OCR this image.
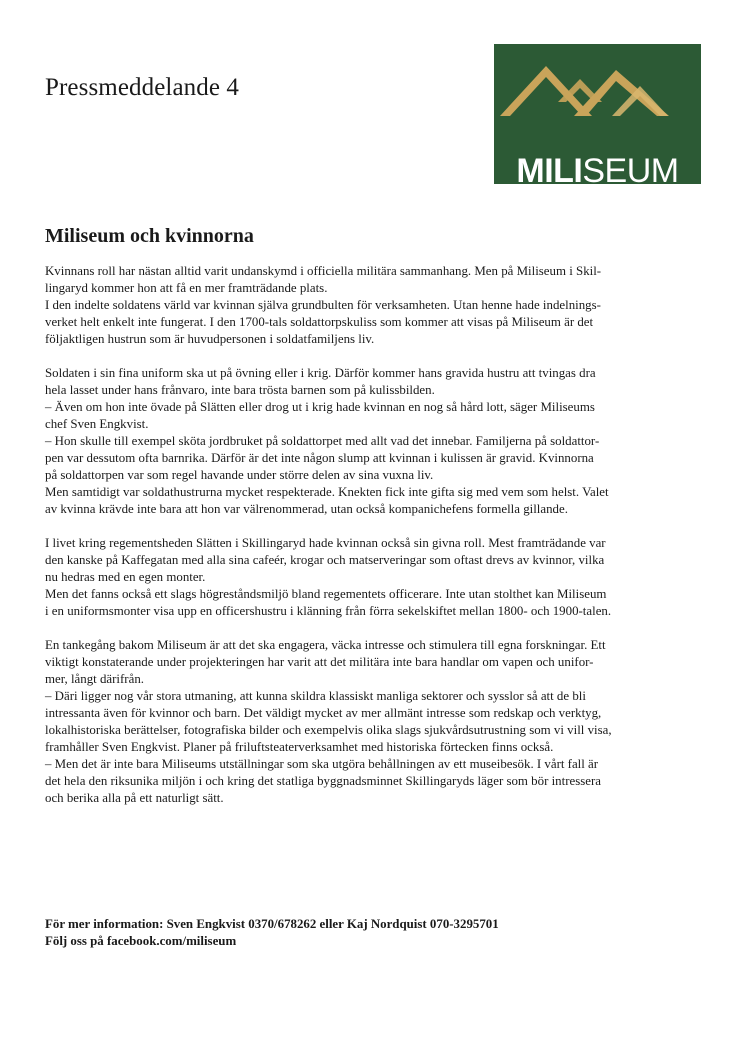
Pressmeddelande 4
MILISEUM
SKILLINGARYD
Miliseum och kvinnorna

Kvinnans roll har nästan alltid varit undanskymd i officiella militära sammanhang. Men på Miliseum i Skil-
lingaryd kommer hon att få en mer framträdande plats.
I den indelte soldatens värld var kvinnan själva grundbulten för verksamheten. Utan henne hade indelnings-
verket helt enkelt inte fungerat. I den 1700-tals soldattorpskuliss som kommer att visas på Miliseum är det
följaktligen hustrun som är huvudpersonen i soldatfamiljens liv.

Soldaten i sin fina uniform ska ut på övning eller i krig. Därför kommer hans gravida hustru att tvingas dra
hela lasset under hans frånvaro, inte bara trösta barnen som på kulissbilden.
– Även om hon inte övade på Slätten eller drog ut i krig hade kvinnan en nog så hård lott, säger Miliseums
chef Sven Engkvist.
– Hon skulle till exempel sköta jordbruket på soldattorpet med allt vad det innebar. Familjerna på soldattor-
pen var dessutom ofta barnrika. Därför är det inte någon slump att kvinnan i kulissen är gravid. Kvinnorna
på soldattorpen var som regel havande under större delen av sina vuxna liv.
Men samtidigt var soldathustrurna mycket respekterade. Knekten fick inte gifta sig med vem som helst. Valet
av kvinna krävde inte bara att hon var välrenommerad, utan också kompanichefens formella gillande.

I livet kring regementsheden Slätten i Skillingaryd hade kvinnan också sin givna roll. Mest framträdande var
den kanske på Kaffegatan med alla sina cafeér, krogar och matserveringar som oftast drevs av kvinnor, vilka
nu hedras med en egen monter.
Men det fanns också ett slags högreståndsmiljö bland regementets officerare. Inte utan stolthet kan Miliseum
i en uniformsmonter visa upp en officershustru i klänning från förra sekelskiftet mellan 1800- och 1900-talen.

En tankegång bakom Miliseum är att det ska engagera, väcka intresse och stimulera till egna forskningar. Ett
viktigt konstaterande under projekteringen har varit att det militära inte bara handlar om vapen och unifor-
mer, långt därifrån.
– Däri ligger nog vår stora utmaning, att kunna skildra klassiskt manliga sektorer och sysslor så att de bli
intressanta även för kvinnor och barn. Det väldigt mycket av mer allmänt intresse som redskap och verktyg,
lokalhistoriska berättelser, fotografiska bilder och exempelvis olika slags sjukvårdsutrustning som vi vill visa,
framhåller Sven Engkvist. Planer på friluftsteaterverksamhet med historiska förtecken finns också.
– Men det är inte bara Miliseums utställningar som ska utgöra behållningen av ett museibesök. I vårt fall är
det hela den riksunika miljön i och kring det statliga byggnadsminnet Skillingaryds läger som bör intressera
och berika alla på ett naturligt sätt.

För mer information: Sven Engkvist 0370/678262 eller Kaj Nordquist 070-3295701
Följ oss på facebook.com/miliseum
